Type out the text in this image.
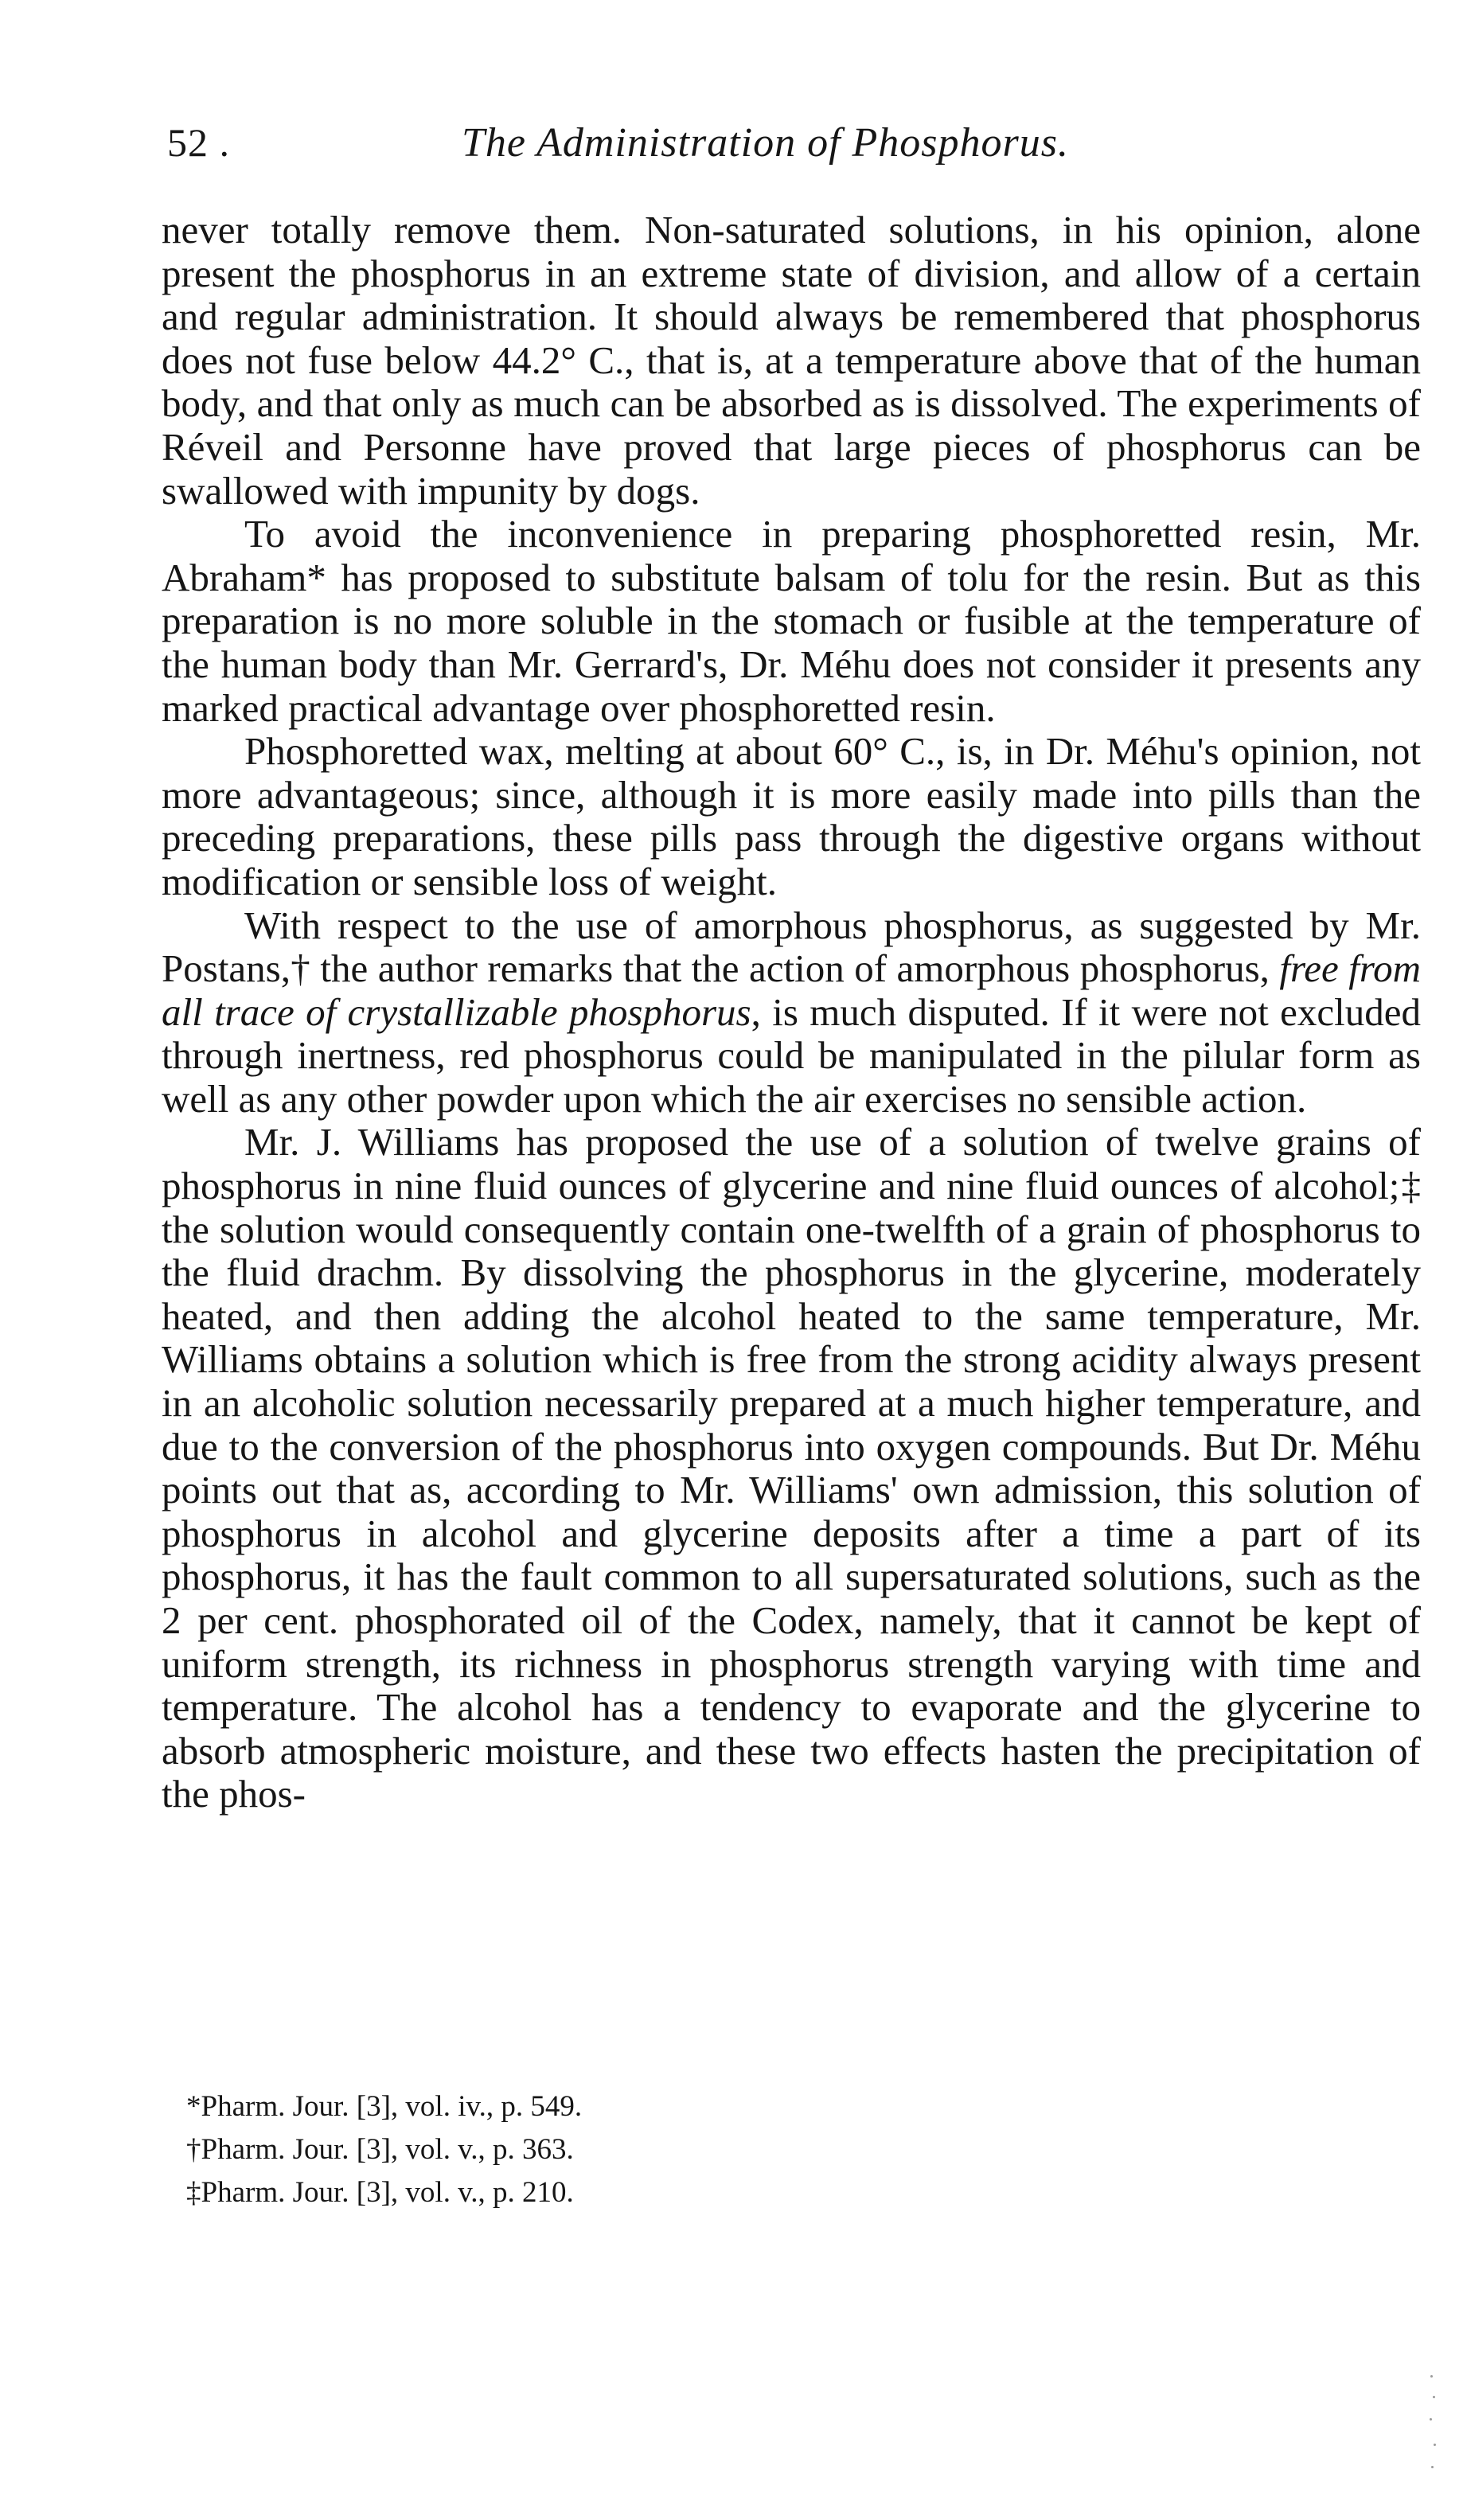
52 .	The Administration of Phosphorus.

never totally remove them. Non-saturated solutions, in his opinion, alone present the phosphorus in an extreme state of division, and allow of a certain and regular administration. It should always be remembered that phosphorus does not fuse below 44.2° C., that is, at a temperature above that of the human body, and that only as much can be absorbed as is dissolved. The experiments of Réveil and Personne have proved that large pieces of phosphorus can be swallowed with impunity by dogs.

To avoid the inconvenience in preparing phosphoretted resin, Mr. Abraham* has proposed to substitute balsam of tolu for the resin. But as this preparation is no more soluble in the stomach or fusible at the temperature of the human body than Mr. Gerrard's, Dr. Méhu does not consider it presents any marked practical advantage over phosphoretted resin.

Phosphoretted wax, melting at about 60° C., is, in Dr. Méhu's opinion, not more advantageous; since, although it is more easily made into pills than the preceding preparations, these pills pass through the digestive organs without modification or sensible loss of weight.

With respect to the use of amorphous phosphorus, as suggested by Mr. Postans,† the author remarks that the action of amorphous phosphorus, free from all trace of crystallizable phosphorus, is much disputed. If it were not excluded through inertness, red phosphorus could be manipulated in the pilular form as well as any other powder upon which the air exercises no sensible action.

Mr. J. Williams has proposed the use of a solution of twelve grains of phosphorus in nine fluid ounces of glycerine and nine fluid ounces of alcohol;‡ the solution would consequently contain one-twelfth of a grain of phosphorus to the fluid drachm. By dissolving the phosphorus in the glycerine, moderately heated, and then adding the alcohol heated to the same temperature, Mr. Williams obtains a solution which is free from the strong acidity always present in an alcoholic solution necessarily prepared at a much higher temperature, and due to the conversion of the phosphorus into oxygen compounds. But Dr. Méhu points out that as, according to Mr. Williams' own admission, this solution of phosphorus in alcohol and glycerine deposits after a time a part of its phosphorus, it has the fault common to all supersaturated solutions, such as the 2 per cent. phosphorated oil of the Codex, namely, that it cannot be kept of uniform strength, its richness in phosphorus strength varying with time and temperature. The alcohol has a tendency to evaporate and the glycerine to absorb atmospheric moisture, and these two effects hasten the precipitation of the phos-

*Pharm. Jour. [3], vol. iv., p. 549.
†Pharm. Jour. [3], vol. v., p. 363.
‡Pharm. Jour. [3], vol. v., p. 210.
